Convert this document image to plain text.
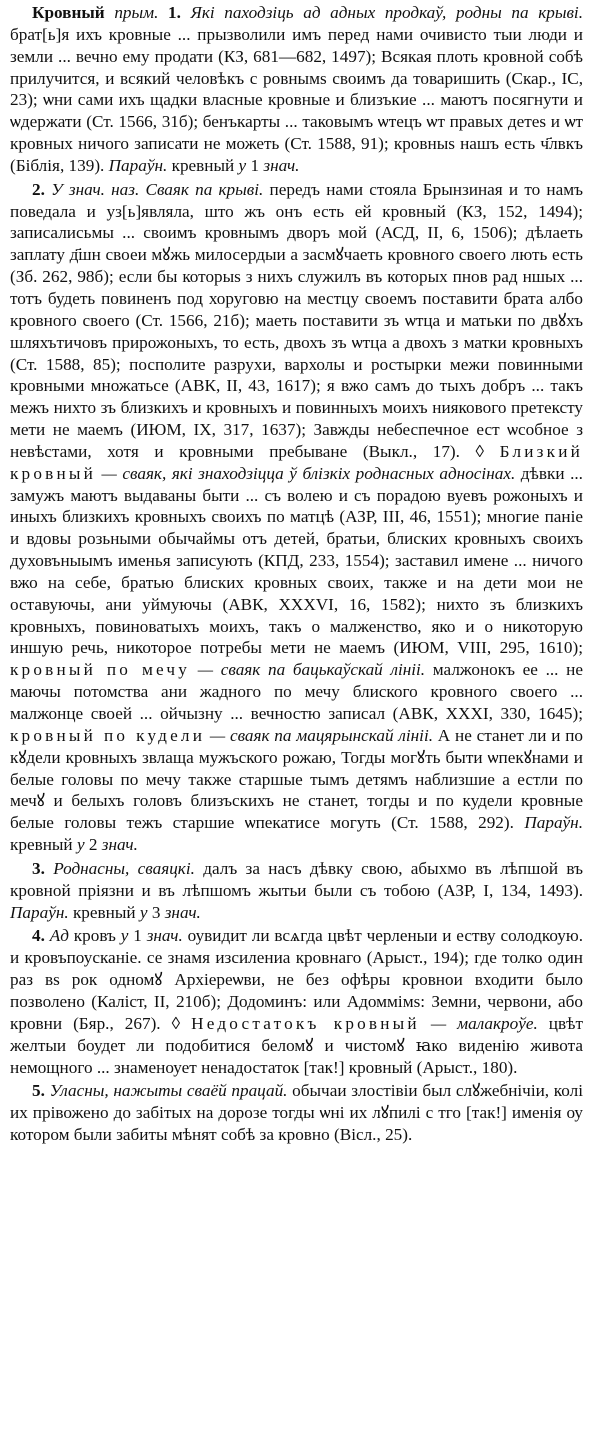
Кровный прым. 1. Які паходзіць ад адных продкаў, родны па крыві. брат[ь]я ихъ кровные ... прызволили имъ перед нами очивисто тыи люди и земли ... вечно ему продати (КЗ, 681—682, 1497); Всякая плоть кровной собѣ прилучится, и всякий человѣкъ с ровнымs своимъ да товаришить (Скар., ІС, 23); ѡни сами ихъ щадки власные кровные и близъкие ... маютъ посягнути и ѡдержати (Ст. 1566, 31б); бенъкарты ... таковымъ ѡтецъ ѡт правых детеs и ѡт кровных ничого записати не можеть (Ст. 1588, 91); кровныs нашъ есть ч҃лвкъ (Біблія, 139). Параўн. кревный у 1 знач.

2. У знач. наз. Сваяк па крыві. передъ нами стояла Брынзиная и то намъ поведала и уз[ь]являла, што жъ онъ есть ей кровный (КЗ, 152, 1494); записалисьмы ... своимъ кровнымъ дворъ мой (АСД, II, 6, 1506); дѣлаеть заплату д҃шн своеи мꙋжь милосердыи а засмꙋчаеть кровного своего лють есть (Зб. 262, 98б); если бы которыs з нихъ служилъ въ которых пнов рад ншых ... тотъ будеть повиненъ под хоруговю на местцу своемъ поставити брата албо кровного своего (Ст. 1566, 21б); маеть поставити зъ ѡтца и матьки по двꙋхъ шляхътичовъ прирожоныхъ, то есть, двохъ зъ ѡтца а двохъ з матки кровныхъ (Ст. 1588, 85); посполите разрухи, вархолы и ростырки межи повинными кровными множатьсе (АВК, II, 43, 1617); я вжо самъ до тыхъ добръ ... такъ межъ нихто зъ близкихъ и кровныхъ и повинныхъ моихъ ниякового претексту мети не маемъ (ИЮМ, IX, 317, 1637); Завжды небеспечное ест ѡсобное з невѣстами, хотя и кровными пребыване (Выкл., 17). ◊ Близкий кровный — сваяк, які знаходзіцца ў блізкіх роднасных адносінах. дѣвки ... замужъ маютъ выдаваны быти ... съ волею и съ порадою вуевъ рожоныхъ и иныхъ близкихъ кровныхъ своихъ по матцѣ (АЗР, III, 46, 1551); многие паніе и вдовы розьными обычаймы отъ детей, братьи, блиских кровныхъ своихъ духовъныымъ именья записують (КПД, 233, 1554); заставил имене ... ничого вжо на себе, братью блиских кровных своих, также и на дети мои не оставуючы, ани уймуючы (АВК, XXXVI, 16, 1582); нихто зъ близкихъ кровныхъ, повиноватыхъ моихъ, такъ о малженство, яко и о никоторую иншую речь, никоторое потребы мети не маемъ (ИЮМ, VIII, 295, 1610); кровный по мечу — сваяк па бацькаўскай лініі. малжонокъ ее ... не маючы потомства ани жадного по мечу блиского кровного своего ... малжонце своей ... ойчызну ... вечностю записал (АВК, XXXI, 330, 1645); кровный по кудели — сваяк па мацярынскай лініі. А не станет ли и по кꙋдели кровныхъ звлаща мужъского рожаю, Тогды могꙋть быти ѡпекꙋнами и белые головы по мечу также старшые тымъ детямъ наблизшие а естли по мечꙋ и белыхъ головъ близъскихъ не станет, тогды и по кудели кровные белые головы тежъ старшие ѡпекатисе могуть (Ст. 1588, 292). Параўн. кревный у 2 знач.

3. Роднасны, сваяцкі. далъ за насъ дѣвку свою, абыхмо въ лѣпшой въ кровной прiязни и въ лѣпшомъ жытьи были съ тобою (АЗР, I, 134, 1493). Параўн. кревный у 3 знач.

4. Ад кровъ у 1 знач. оувидит ли всѧгда цвѣт черленыи и еству солодкоую. и кровъпоусканіе. се знамя изсилениа кровнаго (Арыст., 194); где толко один раз вs рок одномꙋ Архіереѡви, не без офѣры кровнои входити было позволено (Каліст, II, 210б); Додоминъ: или Адоммімs: Земни, червони, або кровни (Бяр., 267). ◊ Недостатокъ кровный — малакроўе. цвѣт желтыи боудет ли подобитися беломꙋ и чистомꙋ ꙗко виденію живота немощного ... знаменоует ненадостаток [так!] кровный (Арыст., 180).

5. Уласны, нажыты сваёй працай. обычаи злостівіи был слꙋжебнічіи, колі их прівожено до забітых на дорозе тогды ѡні их лꙋпилі с тго [так!] именія оу котором были забиты мѣнят собѣ за кровно (Вісл., 25).
